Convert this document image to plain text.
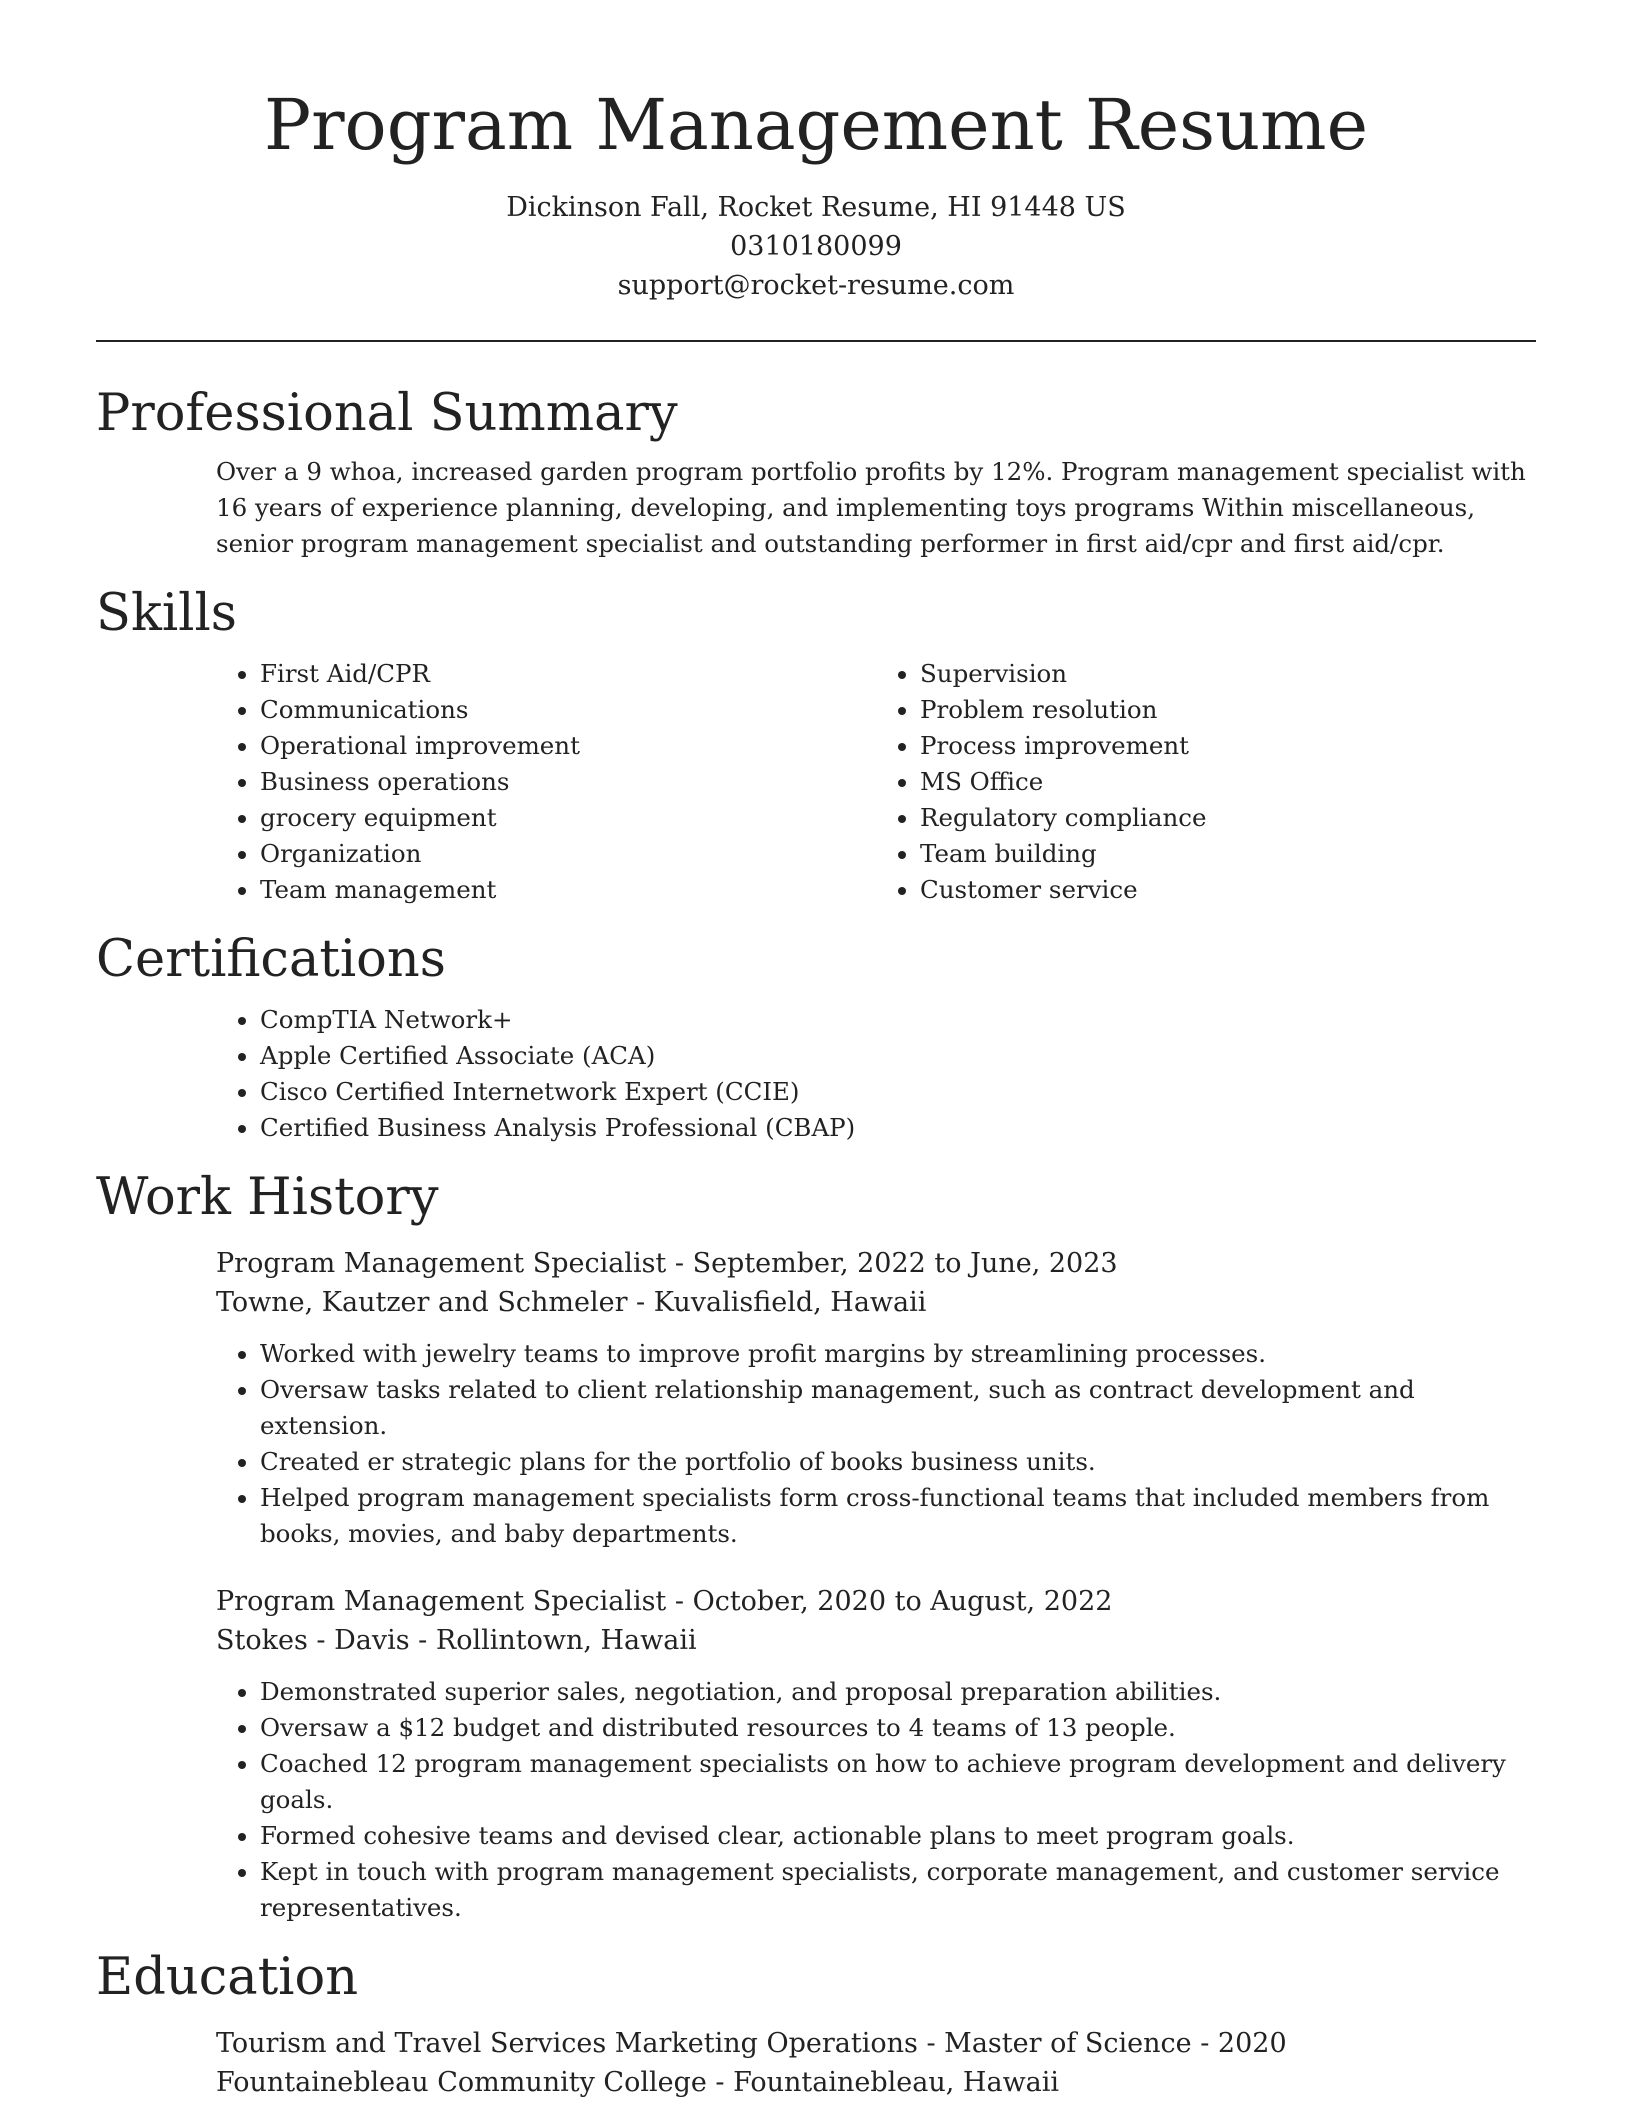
Program Management Resume
Dickinson Fall, Rocket Resume, HI 91448 US
0310180099
support@rocket-resume.com
Professional Summary

Over a 9 whoa, increased garden program portfolio profits by 12%. Program management specialist with 16 years of experience planning, developing, and implementing toys programs Within miscellaneous, senior program management specialist and outstanding performer in first aid/cpr and first aid/cpr.

Skills
• First Aid/CPR
• Communications
• Operational improvement
• Business operations
• grocery equipment
• Organization
• Team management
• Supervision
• Problem resolution
• Process improvement
• MS Office
• Regulatory compliance
• Team building
• Customer service
Certifications
• CompTIA Network+
• Apple Certified Associate (ACA)
• Cisco Certified Internetwork Expert (CCIE)
• Certified Business Analysis Professional (CBAP)
Work History
Program Management Specialist - September, 2022 to June, 2023
Towne, Kautzer and Schmeler - Kuvalisfield, Hawaii
• Worked with jewelry teams to improve profit margins by streamlining processes.
• Oversaw tasks related to client relationship management, such as contract development and extension.
• Created er strategic plans for the portfolio of books business units.
• Helped program management specialists form cross-functional teams that included members from books, movies, and baby departments.
Program Management Specialist - October, 2020 to August, 2022
Stokes - Davis - Rollintown, Hawaii
• Demonstrated superior sales, negotiation, and proposal preparation abilities.
• Oversaw a $12 budget and distributed resources to 4 teams of 13 people.
• Coached 12 program management specialists on how to achieve program development and delivery goals.
• Formed cohesive teams and devised clear, actionable plans to meet program goals.
• Kept in touch with program management specialists, corporate management, and customer service representatives.
Education
Tourism and Travel Services Marketing Operations - Master of Science - 2020
Fountainebleau Community College - Fountainebleau, Hawaii
